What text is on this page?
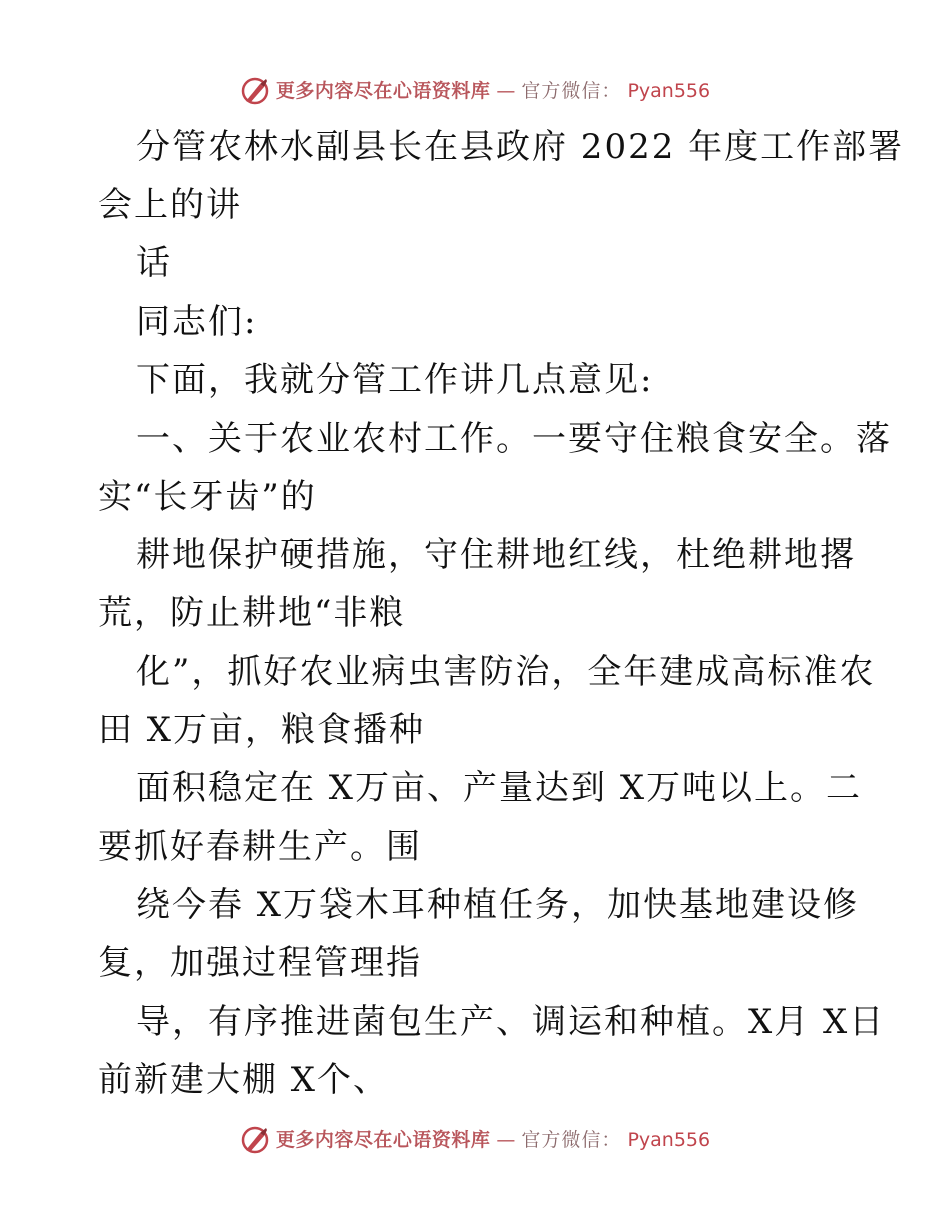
更多内容尽在心语资料库 — 官方微信： Pyan556
分管农林水副县长在县政府 2022 年度工作部署
会上的讲
话
同志们:
下面，我就分管工作讲几点意见:
一、关于农业农村工作。一要守住粮食安全。落
实“长牙齿”的
耕地保护硬措施，守住耕地红线，杜绝耕地撂
荒，防止耕地“非粮
化”，抓好农业病虫害防治，全年建成高标准农
田 X万亩，粮食播种
面积稳定在 X万亩、产量达到 X万吨以上。二
要抓好春耕生产。围
绕今春 X万袋木耳种植任务，加快基地建设修
复，加强过程管理指
导，有序推进菌包生产、调运和种植。X月 X日
前新建大棚 X个、
更多内容尽在心语资料库 — 官方微信： Pyan556
